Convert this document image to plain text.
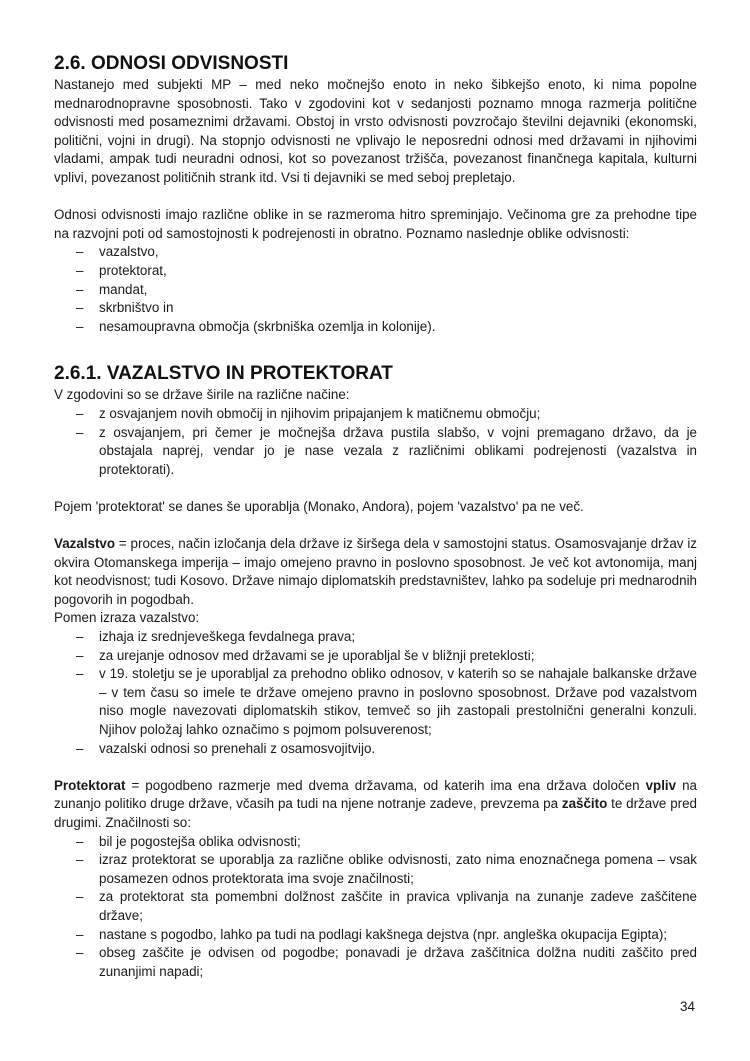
2.6. ODNOSI ODVISNOSTI

Nastanejo med subjekti MP – med neko močnejšo enoto in neko šibkejšo enoto, ki nima popolne mednarodnopravne sposobnosti. Tako v zgodovini kot v sedanjosti poznamo mnoga razmerja politične odvisnosti med posameznimi državami. Obstoj in vrsto odvisnosti povzročajo številni dejavniki (ekonomski, politični, vojni in drugi). Na stopnjo odvisnosti ne vplivajo le neposredni odnosi med državami in njihovimi vladami, ampak tudi neuradni odnosi, kot so povezanost tržišča, povezanost finančnega kapitala, kulturni vplivi, povezanost političnih strank itd. Vsi ti dejavniki se med seboj prepletajo.

Odnosi odvisnosti imajo različne oblike in se razmeroma hitro spreminjajo. Večinoma gre za prehodne tipe na razvojni poti od samostojnosti k podrejenosti in obratno. Poznamo naslednje oblike odvisnosti:

– vazalstvo,
– protektorat,
– mandat,
– skrbništvo in
– nesamoupravna območja (skrbniška ozemlja in kolonije).
2.6.1. VAZALSTVO IN PROTEKTORAT

V zgodovini so se države širile na različne načine:

– z osvajanjem novih območij in njihovim pripajanjem k matičnemu območju;
– z osvajanjem, pri čemer je močnejša država pustila slabšo, v vojni premagano državo, da je obstajala naprej, vendar jo je nase vezala z različnimi oblikami podrejenosti (vazalstva in protektorati).

Pojem 'protektorat' se danes še uporablja (Monako, Andora), pojem 'vazalstvo' pa ne več.

Vazalstvo = proces, način izločanja dela države iz širšega dela v samostojni status. Osamosvajanje držav iz okvira Otomanskega imperija – imajo omejeno pravno in poslovno sposobnost. Je več kot avtonomija, manj kot neodvisnost; tudi Kosovo. Države nimajo diplomatskih predstavništev, lahko pa sodeluje pri mednarodnih pogovorih in pogodbah.

Pomen izraza vazalstvo:

– izhaja iz srednjeveškega fevdalnega prava;
– za urejanje odnosov med državami se je uporabljal še v bližnji preteklosti;
– v 19. stoletju se je uporabljal za prehodno obliko odnosov, v katerih so se nahajale balkanske države – v tem času so imele te države omejeno pravno in poslovno sposobnost. Države pod vazalstvom niso mogle navezovati diplomatskih stikov, temveč so jih zastopali prestolnični generalni konzuli. Njihov položaj lahko označimo s pojmom polsuverenost;
– vazalski odnosi so prenehali z osamosvojitvijo.

Protektorat = pogodbeno razmerje med dvema državama, od katerih ima ena država določen vpliv na zunanjo politiko druge države, včasih pa tudi na njene notranje zadeve, prevzema pa zaščito te države pred drugimi. Značilnosti so:

– bil je pogostejša oblika odvisnosti;
– izraz protektorat se uporablja za različne oblike odvisnosti, zato nima enoznačnega pomena – vsak posamezen odnos protektorata ima svoje značilnosti;
– za protektorat sta pomembni dolžnost zaščite in pravica vplivanja na zunanje zadeve zaščitene države;
– nastane s pogodbo, lahko pa tudi na podlagi kakšnega dejstva (npr. angleška okupacija Egipta);
– obseg zaščite je odvisen od pogodbe; ponavadi je država zaščitnica dolžna nuditi zaščito pred zunanjimi napadi;
34
